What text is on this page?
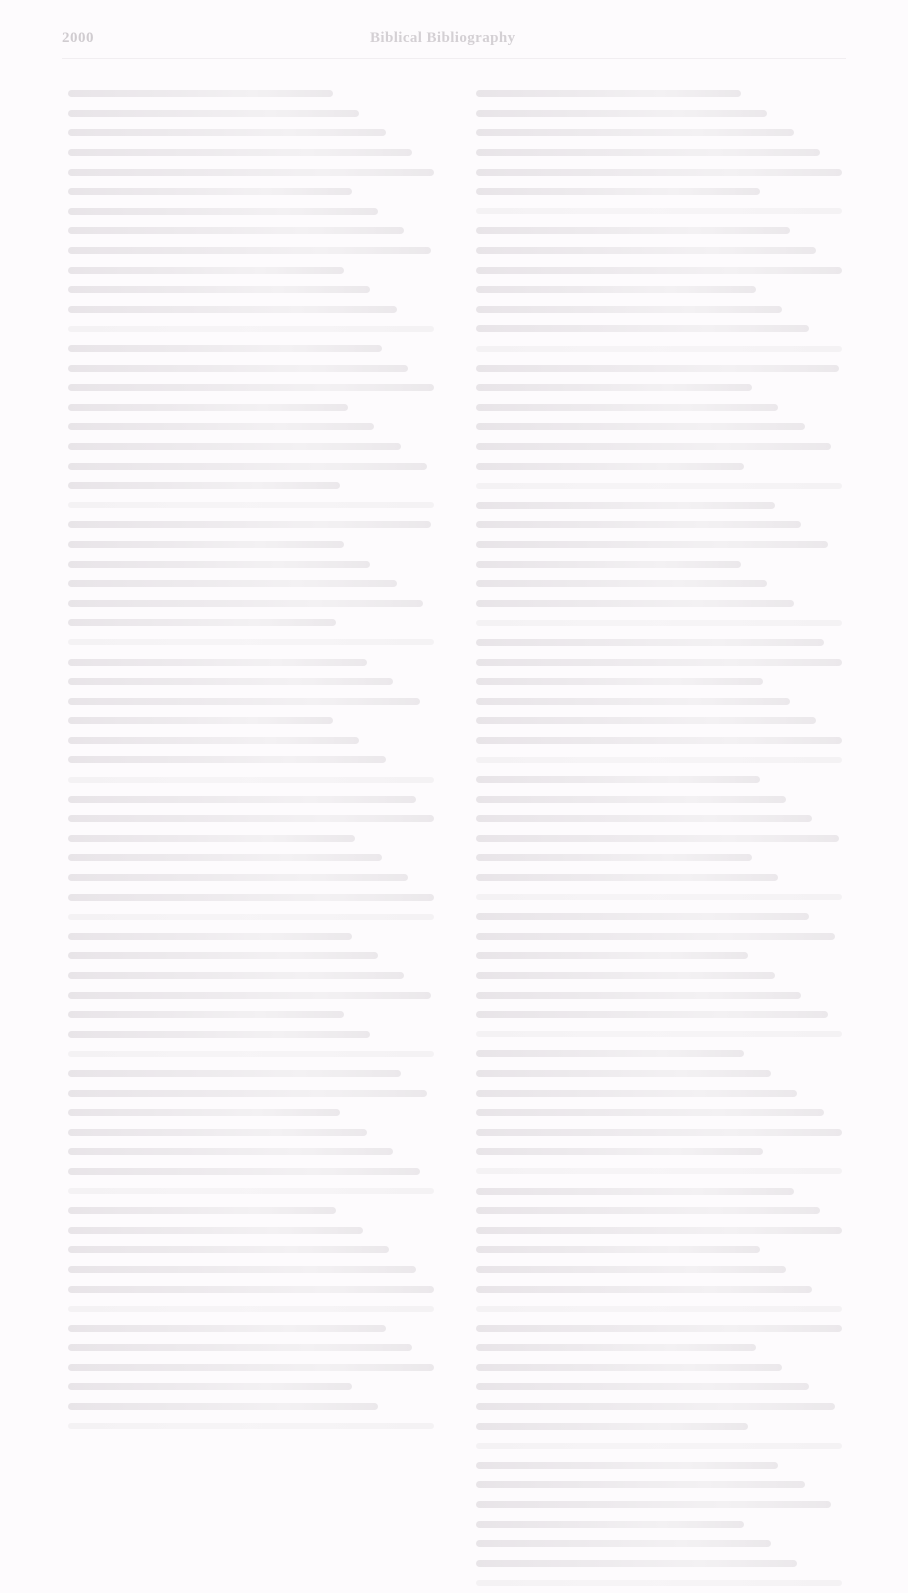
2000	Biblical Bibliography
